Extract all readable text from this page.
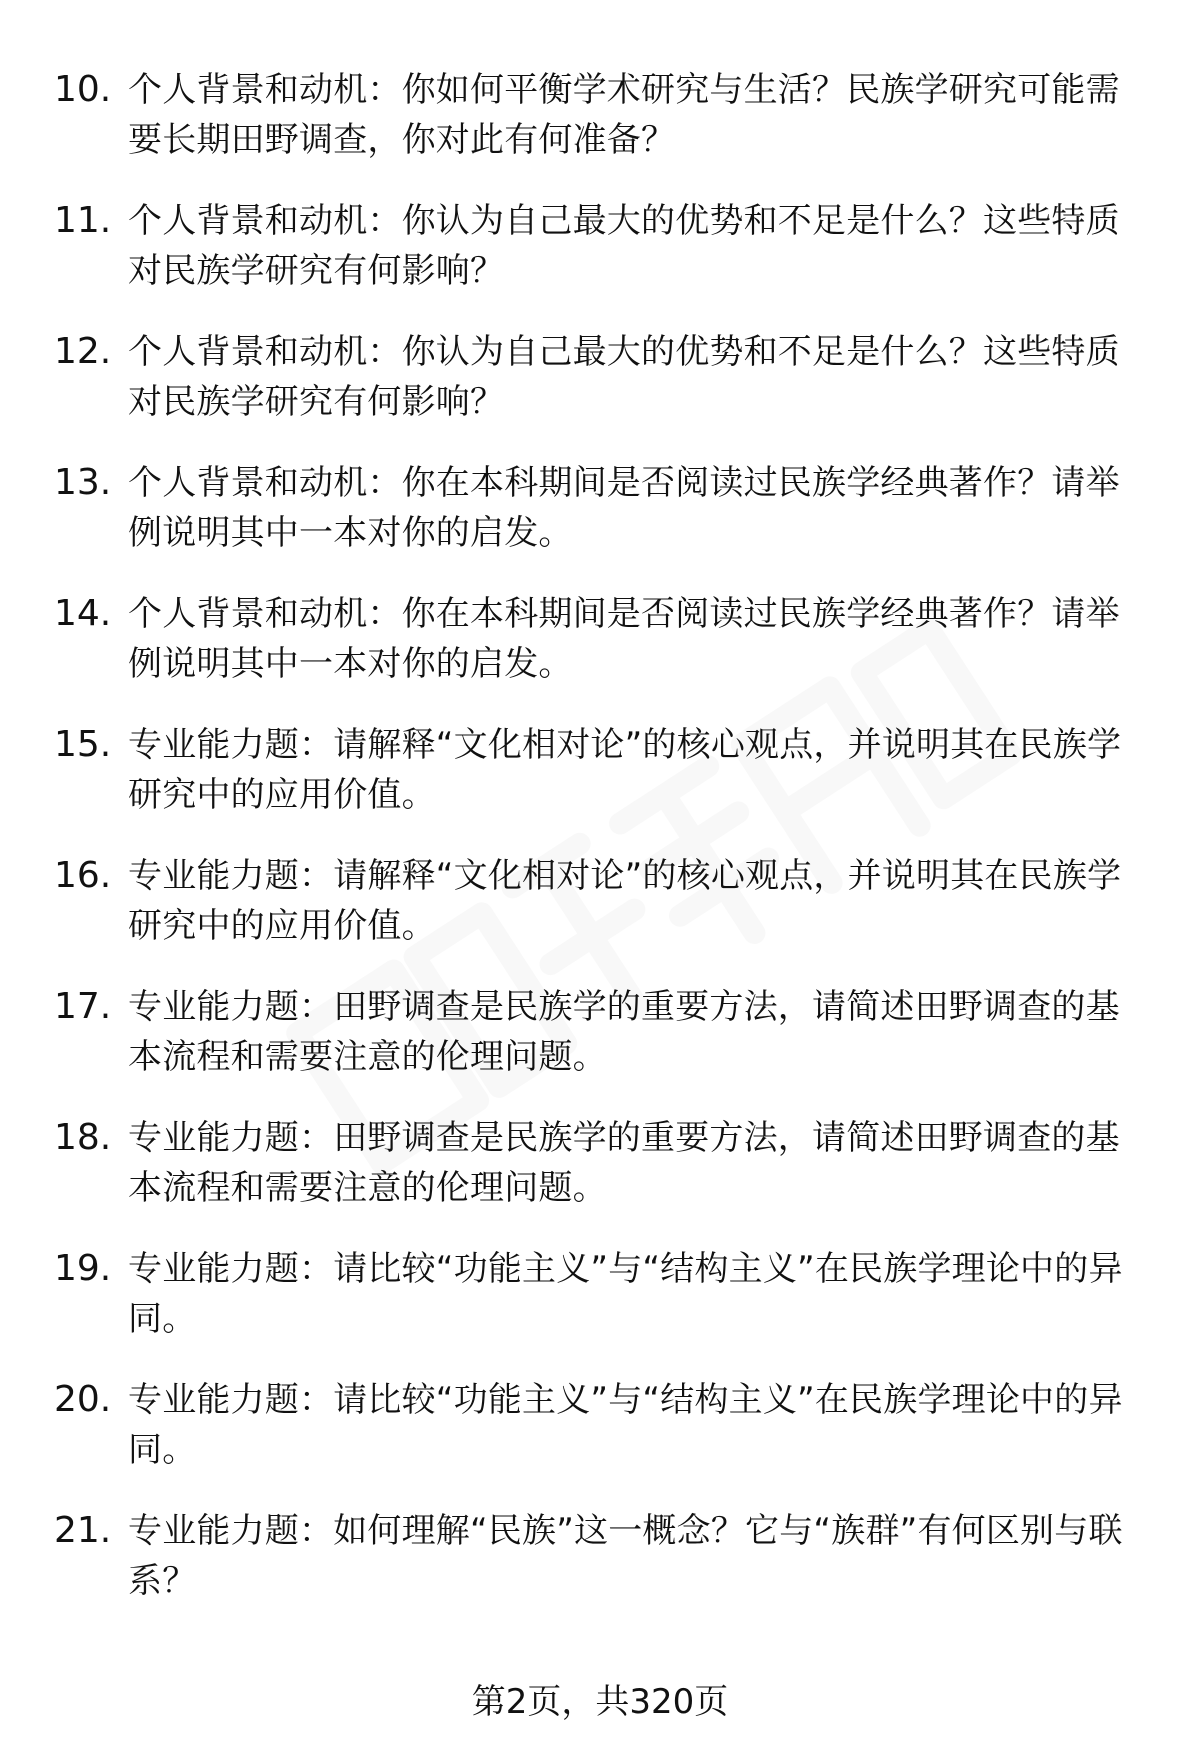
10. 个人背景和动机：你如何平衡学术研究与生活？民族学研究可能需要长期田野调查，你对此有何准备？
11. 个人背景和动机：你认为自己最大的优势和不足是什么？这些特质对民族学研究有何影响？
12. 个人背景和动机：你认为自己最大的优势和不足是什么？这些特质对民族学研究有何影响？
13. 个人背景和动机：你在本科期间是否阅读过民族学经典著作？请举例说明其中一本对你的启发。
14. 个人背景和动机：你在本科期间是否阅读过民族学经典著作？请举例说明其中一本对你的启发。
15. 专业能力题：请解释“文化相对论”的核心观点，并说明其在民族学研究中的应用价值。
16. 专业能力题：请解释“文化相对论”的核心观点，并说明其在民族学研究中的应用价值。
17. 专业能力题：田野调查是民族学的重要方法，请简述田野调查的基本流程和需要注意的伦理问题。
18. 专业能力题：田野调查是民族学的重要方法，请简述田野调查的基本流程和需要注意的伦理问题。
19. 专业能力题：请比较“功能主义”与“结构主义”在民族学理论中的异同。
20. 专业能力题：请比较“功能主义”与“结构主义”在民族学理论中的异同。
21. 专业能力题：如何理解“民族”这一概念？它与“族群”有何区别与联系？
第2页，共320页
